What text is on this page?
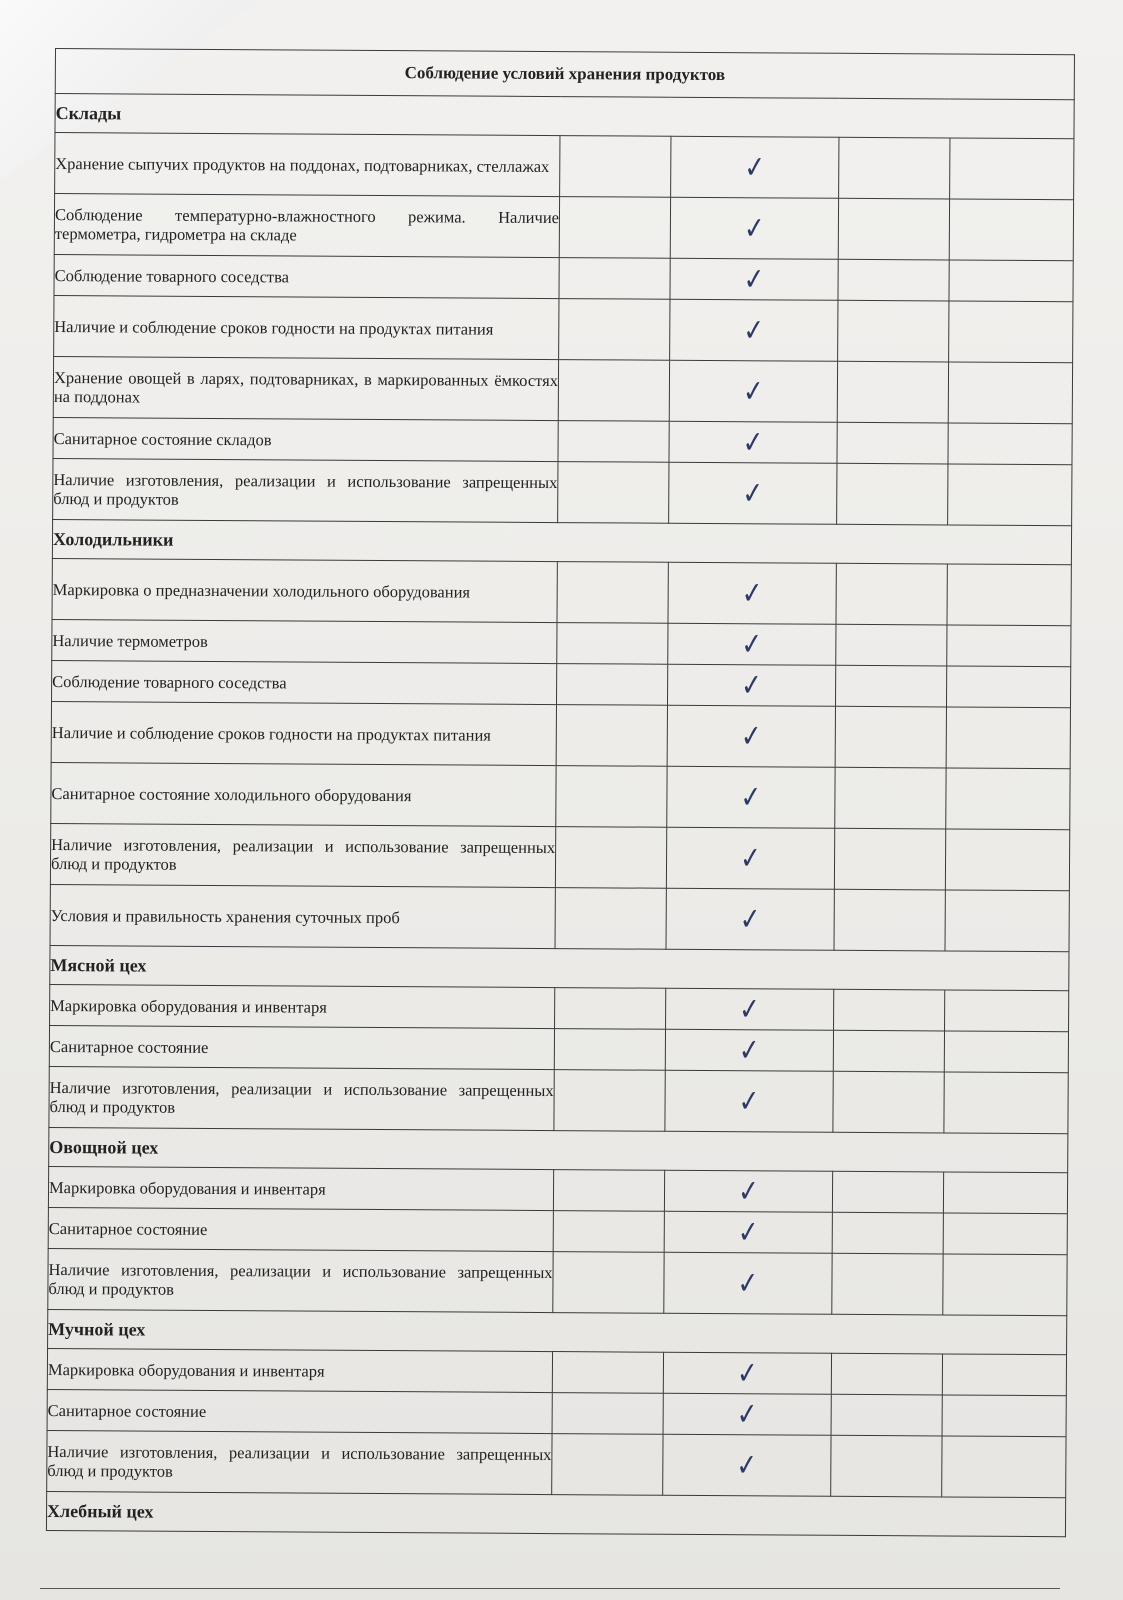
Соблюдение условий хранения продуктов				
Склады				
Хранение сыпучих продуктов на поддонах, подтоварниках, стеллажах		✓		
Соблюдение температурно-влажностного режима. Наличие термометра, гидрометра на складе		✓		
Соблюдение товарного соседства		✓		
Наличие и соблюдение сроков годности на продуктах питания		✓		
Хранение овощей в ларях, подтоварниках, в маркированных ёмкостях на поддонах		✓		
Санитарное состояние складов		✓		
Наличие изготовления, реализации и использование запрещенных блюд и продуктов		✓		
Холодильники				
Маркировка о предназначении холодильного оборудования		✓		
Наличие термометров		✓		
Соблюдение товарного соседства		✓		
Наличие и соблюдение сроков годности на продуктах питания		✓		
Санитарное состояние холодильного оборудования		✓		
Наличие изготовления, реализации и использование запрещенных блюд и продуктов		✓		
Условия и правильность хранения суточных проб		✓		
Мясной цех				
Маркировка оборудования и инвентаря		✓		
Санитарное состояние		✓		
Наличие изготовления, реализации и использование запрещенных блюд и продуктов		✓		
Овощной цех				
Маркировка оборудования и инвентаря		✓		
Санитарное состояние		✓		
Наличие изготовления, реализации и использование запрещенных блюд и продуктов		✓		
Мучной цех				
Маркировка оборудования и инвентаря		✓		
Санитарное состояние		✓		
Наличие изготовления, реализации и использование запрещенных блюд и продуктов		✓		
Хлебный цех				
